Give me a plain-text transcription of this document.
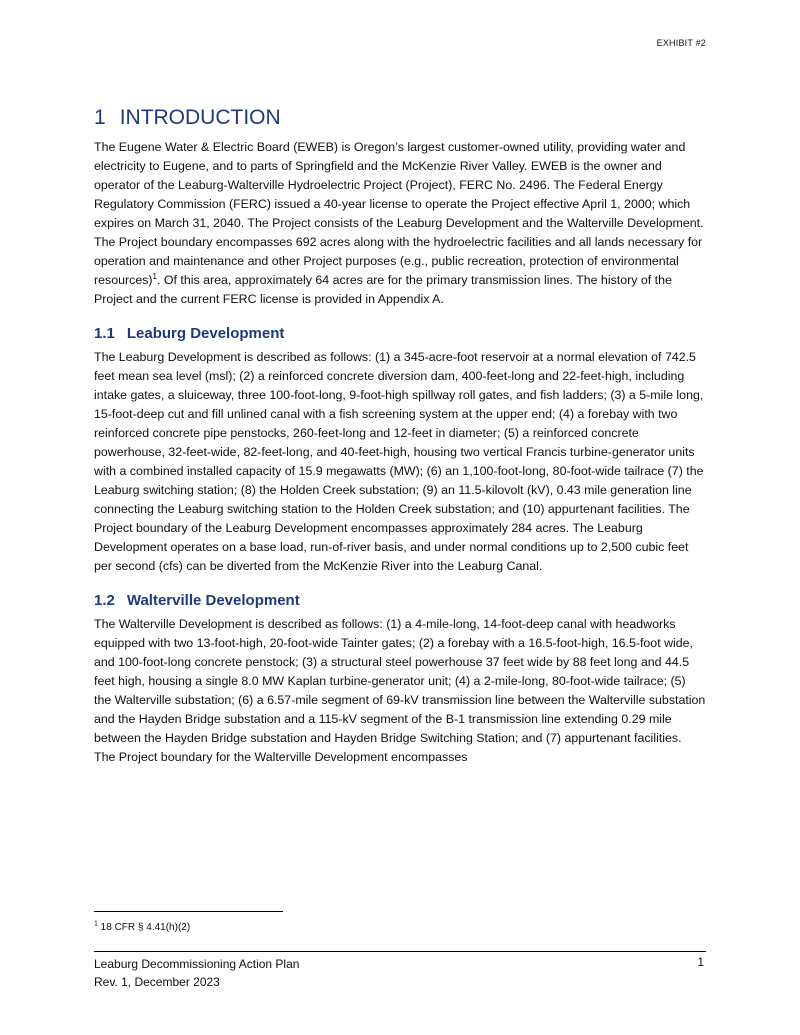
EXHIBIT #2
1 INTRODUCTION

The Eugene Water & Electric Board (EWEB) is Oregon’s largest customer-owned utility, providing water and electricity to Eugene, and to parts of Springfield and the McKenzie River Valley. EWEB is the owner and operator of the Leaburg-Walterville Hydroelectric Project (Project), FERC No. 2496. The Federal Energy Regulatory Commission (FERC) issued a 40-year license to operate the Project effective April 1, 2000; which expires on March 31, 2040. The Project consists of the Leaburg Development and the Walterville Development. The Project boundary encompasses 692 acres along with the hydroelectric facilities and all lands necessary for operation and maintenance and other Project purposes (e.g., public recreation, protection of environmental resources)$^1$. Of this area, approximately 64 acres are for the primary transmission lines. The history of the Project and the current FERC license is provided in Appendix A.

1.1 Leaburg Development

The Leaburg Development is described as follows: (1) a 345-acre-foot reservoir at a normal elevation of 742.5 feet mean sea level (msl); (2) a reinforced concrete diversion dam, 400-feet-long and 22-feet-high, including intake gates, a sluiceway, three 100-foot-long, 9-foot-high spillway roll gates, and fish ladders; (3) a 5-mile long, 15-foot-deep cut and fill unlined canal with a fish screening system at the upper end; (4) a forebay with two reinforced concrete pipe penstocks, 260-feet-long and 12-feet in diameter; (5) a reinforced concrete powerhouse, 32-feet-wide, 82-feet-long, and 40-feet-high, housing two vertical Francis turbine-generator units with a combined installed capacity of 15.9 megawatts (MW); (6) an 1,100-foot-long, 80-foot-wide tailrace (7) the Leaburg switching station; (8) the Holden Creek substation; (9) an 11.5-kilovolt (kV), 0.43 mile generation line connecting the Leaburg switching station to the Holden Creek substation; and (10) appurtenant facilities. The Project boundary of the Leaburg Development encompasses approximately 284 acres. The Leaburg Development operates on a base load, run-of-river basis, and under normal conditions up to 2,500 cubic feet per second (cfs) can be diverted from the McKenzie River into the Leaburg Canal.

1.2 Walterville Development

The Walterville Development is described as follows: (1) a 4-mile-long, 14-foot-deep canal with headworks equipped with two 13-foot-high, 20-foot-wide Tainter gates; (2) a forebay with a 16.5-foot-high, 16.5-foot wide, and 100-foot-long concrete penstock; (3) a structural steel powerhouse 37 feet wide by 88 feet long and 44.5 feet high, housing a single 8.0 MW Kaplan turbine-generator unit; (4) a 2-mile-long, 80-foot-wide tailrace; (5) the Walterville substation; (6) a 6.57-mile segment of 69-kV transmission line between the Walterville substation and the Hayden Bridge substation and a 115-kV segment of the B-1 transmission line extending 0.29 mile between the Hayden Bridge substation and Hayden Bridge Switching Station; and (7) appurtenant facilities. The Project boundary for the Walterville Development encompasses

$^1$ 18 CFR § 4.41(h)(2)
Leaburg Decommissioning Action Plan
Rev. 1, December 2023
1
